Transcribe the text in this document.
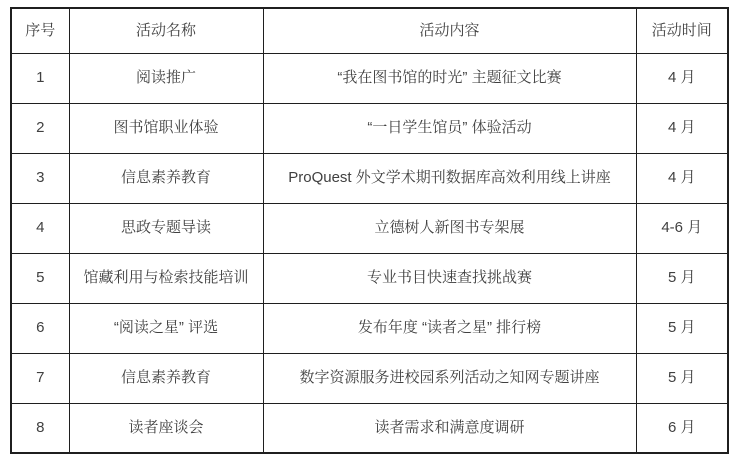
序号	活动名称	活动内容	活动时间
1	阅读推广	“我在图书馆的时光” 主题征文比赛	4 月
2	图书馆职业体验	“一日学生馆员” 体验活动	4 月
3	信息素养教育	ProQuest 外文学术期刊数据库高效利用线上讲座	4 月
4	思政专题导读	立德树人新图书专架展	4-6 月
5	馆藏利用与检索技能培训	专业书目快速查找挑战赛	5 月
6	“阅读之星” 评选	发布年度 “读者之星” 排行榜	5 月
7	信息素养教育	数字资源服务进校园系列活动之知网专题讲座	5 月
8	读者座谈会	读者需求和满意度调研	6 月
